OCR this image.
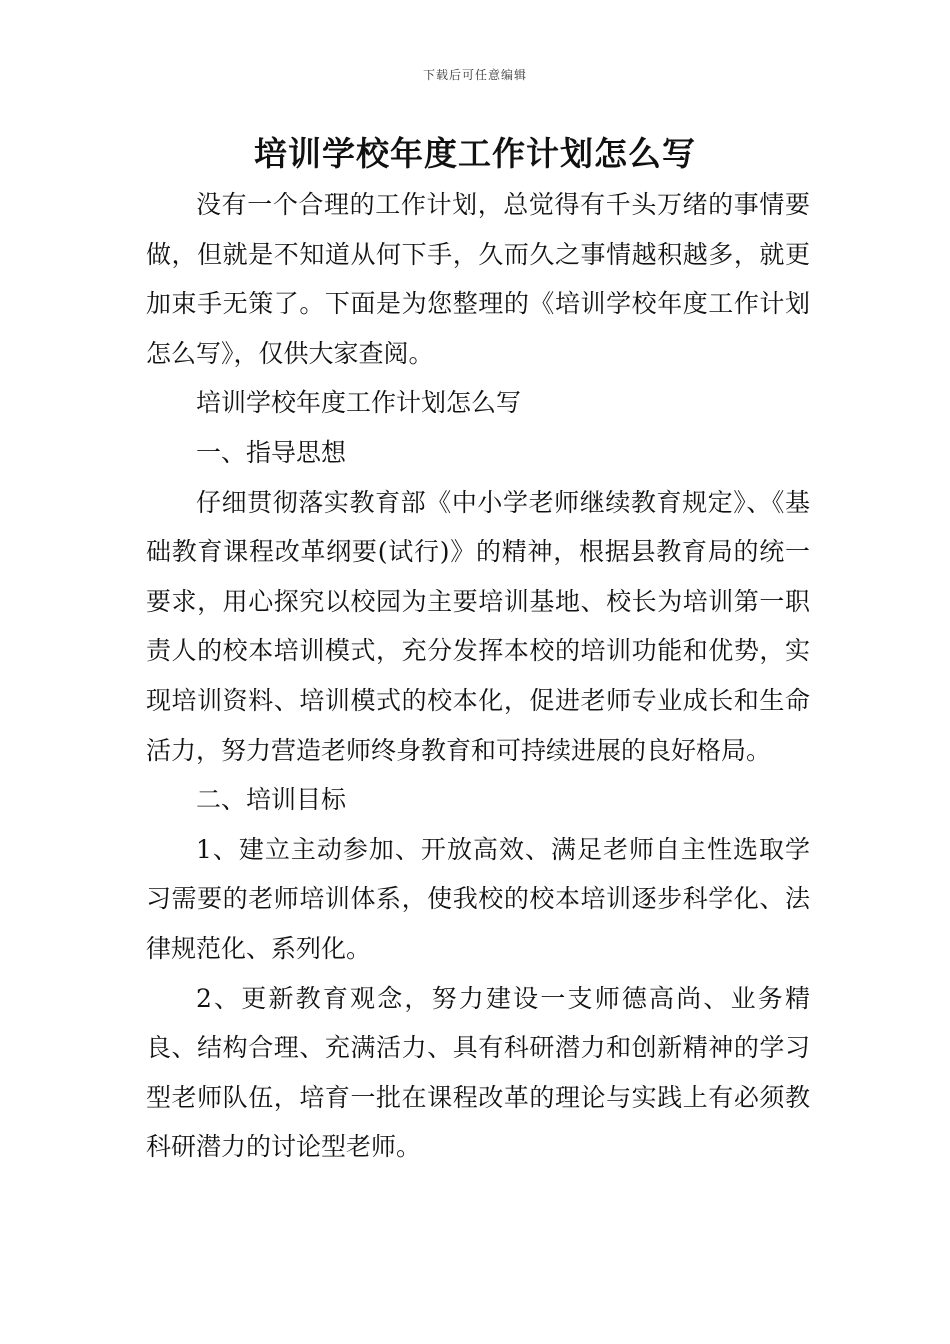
下载后可任意编辑
培训学校年度工作计划怎么写

没有一个合理的工作计划，总觉得有千头万绪的事情要做，但就是不知道从何下手，久而久之事情越积越多，就更加束手无策了。下面是为您整理的《培训学校年度工作计划怎么写》，仅供大家查阅。

培训学校年度工作计划怎么写

一、指导思想

仔细贯彻落实教育部《中小学老师继续教育规定》、《基础教育课程改革纲要(试行)》的精神，根据县教育局的统一要求，用心探究以校园为主要培训基地、校长为培训第一职责人的校本培训模式，充分发挥本校的培训功能和优势，实现培训资料、培训模式的校本化，促进老师专业成长和生命活力，努力营造老师终身教育和可持续进展的良好格局。

二、培训目标

1、建立主动参加、开放高效、满足老师自主性选取学习需要的老师培训体系，使我校的校本培训逐步科学化、法律规范化、系列化。

2、更新教育观念，努力建设一支师德高尚、业务精良、结构合理、充满活力、具有科研潜力和创新精神的学习型老师队伍，培育一批在课程改革的理论与实践上有必须教科研潜力的讨论型老师。
